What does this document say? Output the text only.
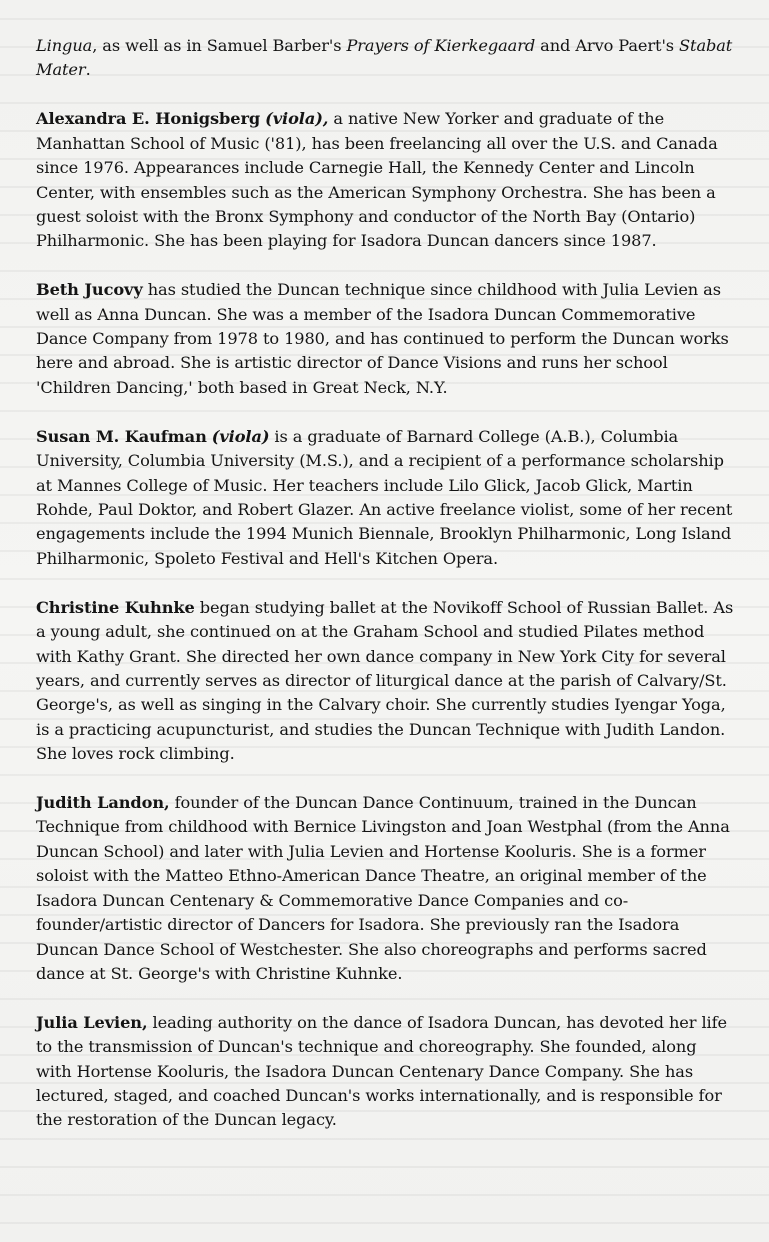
Lingua, as well as in Samuel Barber's Prayers of Kierkegaard and Arvo Paert's Stabat Mater.

Alexandra E. Honigsberg (viola), a native New Yorker and graduate of the Manhattan School of Music ('81), has been freelancing all over the U.S. and Canada since 1976. Appearances include Carnegie Hall, the Kennedy Center and Lincoln Center, with ensembles such as the American Symphony Orchestra. She has been a guest soloist with the Bronx Symphony and conductor of the North Bay (Ontario) Philharmonic. She has been playing for Isadora Duncan dancers since 1987.

Beth Jucovy has studied the Duncan technique since childhood with Julia Levien as well as Anna Duncan. She was a member of the Isadora Duncan Commemorative Dance Company from 1978 to 1980, and has continued to perform the Duncan works here and abroad. She is artistic director of Dance Visions and runs her school 'Children Dancing,' both based in Great Neck, N.Y.

Susan M. Kaufman (viola) is a graduate of Barnard College (A.B.), Columbia University, Columbia University (M.S.), and a recipient of a performance scholarship at Mannes College of Music. Her teachers include Lilo Glick, Jacob Glick, Martin Rohde, Paul Doktor, and Robert Glazer. An active freelance violist, some of her recent engagements include the 1994 Munich Biennale, Brooklyn Philharmonic, Long Island Philharmonic, Spoleto Festival and Hell's Kitchen Opera.

Christine Kuhnke began studying ballet at the Novikoff School of Russian Ballet. As a young adult, she continued on at the Graham School and studied Pilates method with Kathy Grant. She directed her own dance company in New York City for several years, and currently serves as director of liturgical dance at the parish of Calvary/St. George's, as well as singing in the Calvary choir. She currently studies Iyengar Yoga, is a practicing acupuncturist, and studies the Duncan Technique with Judith Landon. She loves rock climbing.

Judith Landon, founder of the Duncan Dance Continuum, trained in the Duncan Technique from childhood with Bernice Livingston and Joan Westphal (from the Anna Duncan School) and later with Julia Levien and Hortense Kooluris. She is a former soloist with the Matteo Ethno-American Dance Theatre, an original member of the Isadora Duncan Centenary & Commemorative Dance Companies and co-founder/artistic director of Dancers for Isadora. She previously ran the Isadora Duncan Dance School of Westchester. She also choreographs and performs sacred dance at St. George's with Christine Kuhnke.

Julia Levien, leading authority on the dance of Isadora Duncan, has devoted her life to the transmission of Duncan's technique and choreography. She founded, along with Hortense Kooluris, the Isadora Duncan Centenary Dance Company. She has lectured, staged, and coached Duncan's works internationally, and is responsible for the restoration of the Duncan legacy.
